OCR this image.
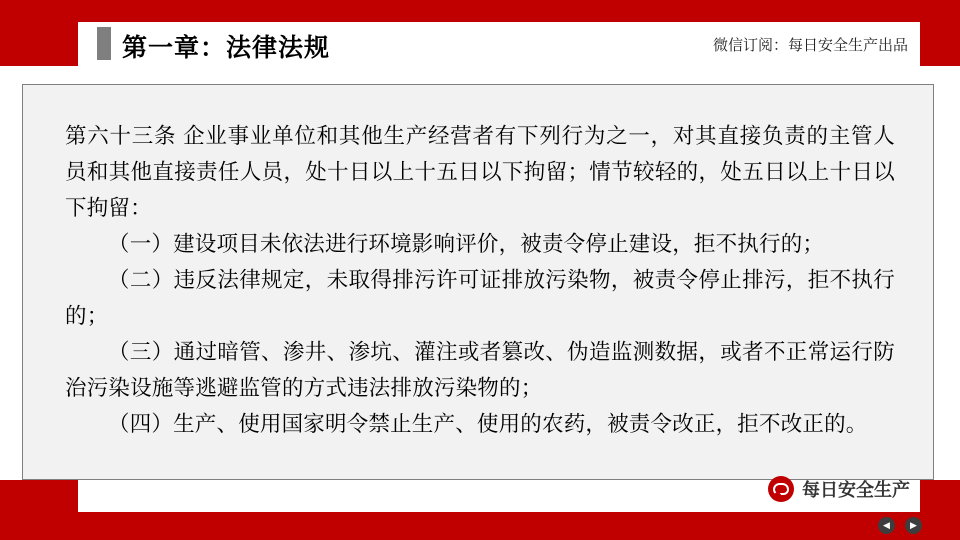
第一章：法律法规	微信订阅：每日安全生产出品

第六十三条 企业事业单位和其他生产经营者有下列行为之一，对其直接负责的主管人员和其他直接责任人员，处十日以上十五日以下拘留；情节较轻的，处五日以上十日以下拘留：

（一）建设项目未依法进行环境影响评价，被责令停止建设，拒不执行的；

（二）违反法律规定，未取得排污许可证排放污染物，被责令停止排污，拒不执行的；

（三）通过暗管、渗井、渗坑、灌注或者篡改、伪造监测数据，或者不正常运行防治污染设施等逃避监管的方式违法排放污染物的；

（四）生产、使用国家明令禁止生产、使用的农药，被责令改正，拒不改正的。

每日安全生产
◀	▶
